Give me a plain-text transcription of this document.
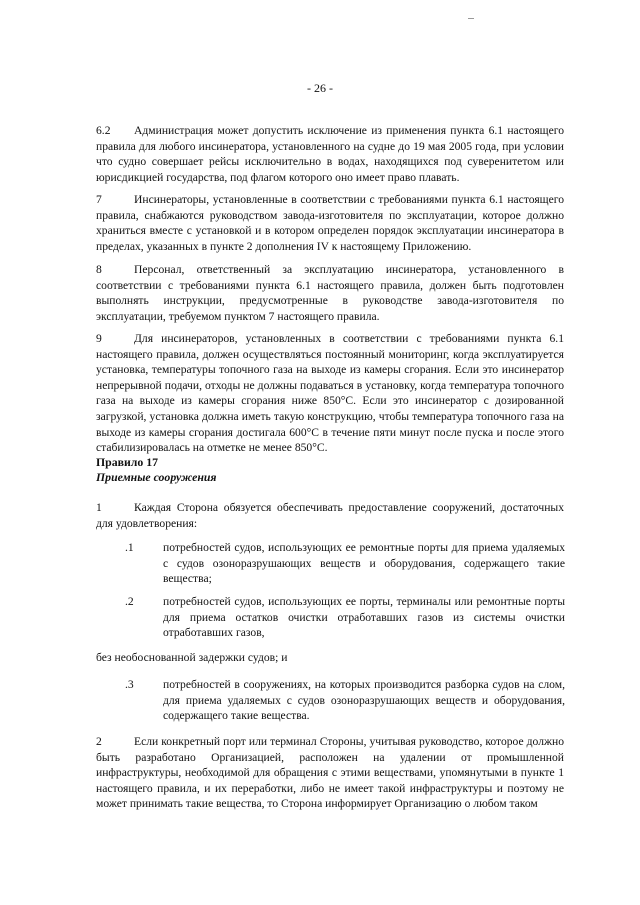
- 26 -
6.2 Администрация может допустить исключение из применения пункта 6.1 настоящего правила для любого инсинератора, установленного на судне до 19 мая 2005 года, при условии что судно совершает рейсы исключительно в водах, находящихся под суверенитетом или юрисдикцией государства, под флагом которого оно имеет право плавать.
7	Инсинераторы, установленные в соответствии с требованиями пункта 6.1 настоящего правила, снабжаются руководством завода-изготовителя по эксплуатации, которое должно храниться вместе с установкой и в котором определен порядок эксплуатации инсинератора в пределах, указанных в пункте 2 дополнения IV к настоящему Приложению.
8	Персонал, ответственный за эксплуатацию инсинератора, установленного в соответствии с требованиями пункта 6.1 настоящего правила, должен быть подготовлен выполнять инструкции, предусмотренные в руководстве завода-изготовителя по эксплуатации, требуемом пунктом 7 настоящего правила.
9	Для инсинераторов, установленных в соответствии с требованиями пункта 6.1 настоящего правила, должен осуществляться постоянный мониторинг, когда эксплуатируется установка, температуры топочного газа на выходе из камеры сгорания. Если это инсинератор непрерывной подачи, отходы не должны подаваться в установку, когда температура топочного газа на выходе из камеры сгорания ниже 850°C. Если это инсинератор с дозированной загрузкой, установка должна иметь такую конструкцию, чтобы температура топочного газа на выходе из камеры сгорания достигала 600°C в течение пяти минут после пуска и после этого стабилизировалась на отметке не менее 850°C.
Правило 17
Приемные сооружения
1	Каждая Сторона обязуется обеспечивать предоставление сооружений, достаточных для удовлетворения:
.1	потребностей судов, использующих ее ремонтные порты для приема удаляемых с судов озоноразрушающих веществ и оборудования, содержащего такие вещества;
.2	потребностей судов, использующих ее порты, терминалы или ремонтные порты для приема остатков очистки отработавших газов из системы очистки отработавших газов,
без необоснованной задержки судов; и
.3	потребностей в сооружениях, на которых производится разборка судов на слом, для приема удаляемых с судов озоноразрушающих веществ и оборудования, содержащего такие вещества.
2	Если конкретный порт или терминал Стороны, учитывая руководство, которое должно быть разработано Организацией, расположен на удалении от промышленной инфраструктуры, необходимой для обращения с этими веществами, упомянутыми в пункте 1 настоящего правила, и их переработки, либо не имеет такой инфраструктуры и поэтому не может принимать такие вещества, то Сторона информирует Организацию о любом таком
